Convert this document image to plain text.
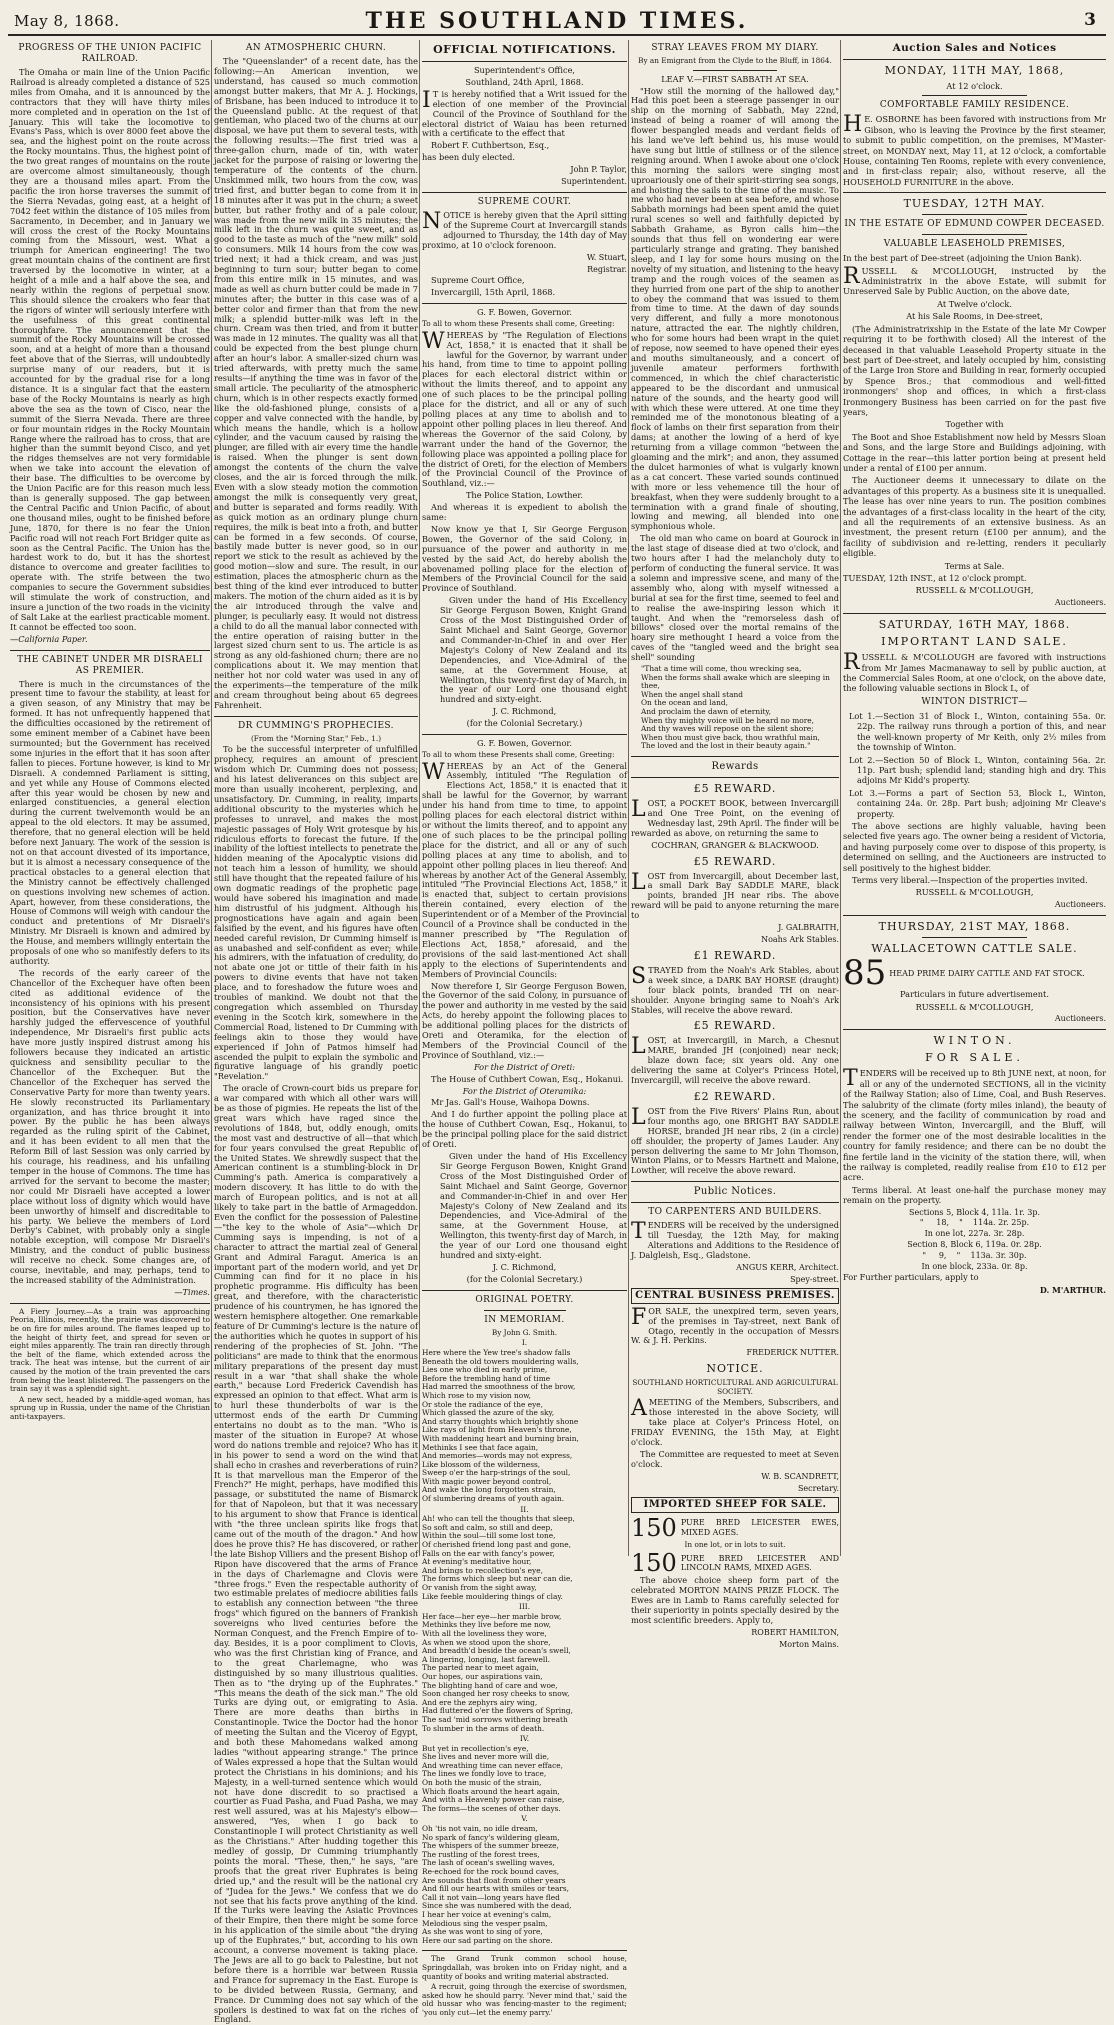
May 8, 1868.	THE SOUTHLAND TIMES.	3
PROGRESS OF THE UNION PACIFIC RAILROAD.

The Omaha or main line of the Union Pacific Railroad is already completed a distance of 525 miles from Omaha, and it is announced by the contractors that they will have thirty miles more completed and in operation on the 1st of January. This will take the locomotive to Evans's Pass, which is over 8000 feet above the sea, and the highest point on the route across the Rocky mountains. Thus, the highest point of the two great ranges of mountains on the route are overcome almost simultaneously, though they are a thousand miles apart. From the pacific the iron horse traverses the summit of the Sierra Nevadas, going east, at a height of 7042 feet within the distance of 105 miles from Sacramento, in December, and in January we will cross the crest of the Rocky Mountains coming from the Missouri, west. What a triumph for American engineering! The two great mountain chains of the continent are first traversed by the locomotive in winter, at a height of a mile and a half above the sea, and nearly within the regions of perpetual snow. This should silence the croakers who fear that the rigors of winter will seriously interfere with the usefulness of this great continental thoroughfare. The announcement that the summit of the Rocky Mountains will be crossed soon, and at a height of more than a thousand feet above that of the Sierras, will undoubtedly surprise many of our readers, but it is accounted for by the gradual rise for a long distance. It is a singular fact that the eastern base of the Rocky Mountains is nearly as high above the sea as the town of Cisco, near the summit of the Sierra Nevada. There are three or four mountain ridges in the Rocky Mountain Range where the railroad has to cross, that are higher than the summit beyond Cisco, and yet the ridges themselves are not very formidable when we take into account the elevation of their base. The difficulties to be overcome by the Union Pacific are for this reason much less than is generally supposed. The gap between the Central Pacific and Union Pacific, of about one thousand miles, ought to be finished before June, 1870, for there is no fear the Union Pacific road will not reach Fort Bridger quite as soon as the Central Pacific. The Union has the hardest work to do, but it has the shortest distance to overcome and greater facilities to operate with. The strife between the two companies to secure the Government subsidies will stimulate the work of construction, and insure a junction of the two roads in the vicinity of Salt Lake at the earliest practicable moment. It cannot be effected too soon.

—California Paper.

THE CABINET UNDER MR DISRAELI AS PREMIER.

There is much in the circumstances of the present time to favour the stability, at least for a given season, of any Ministry that may be formed. It has not unfrequently happened that the difficulties occasioned by the retirement of some eminent member of a Cabinet have been surmounted; but the Government has received some injuries in the effort that it has soon after fallen to pieces. Fortune however, is kind to Mr Disraeli. A condemned Parliament is sitting, and yet while any House of Commons elected after this year would be chosen by new and enlarged constituencies, a general election during the current twelvemonth would be an appeal to the old electors. It may be assumed, therefore, that no general election will be held before next January. The work of the session is not on that account divested of its importance, but it is almost a necessary consequence of the practical obstacles to a general election that the Ministry cannot be effectively challenged on questions involving new schemes of action. Apart, however, from these considerations, the House of Commons will weigh with candour the conduct and pretentions of Mr Disraeli's Ministry. Mr Disraeli is known and admired by the House, and members willingly entertain the proposals of one who so manifestly defers to its authority.

The records of the early career of the Chancellor of the Exchequer have often been cited as additional evidence of the inconsistency of his opinions with his present position, but the Conservatives have never harshly judged the effervescence of youthful independence, Mr Disraeli's first public acts have more justly inspired distrust among his followers because they indicated an artistic quickness and sensibility peculiar to the Chancellor of the Exchequer. But the Chancellor of the Exchequer has served the Conservative Party for more than twenty years. He slowly reconstructed its Parliamentary organization, and has thrice brought it into power. By the public he has been always regarded as the ruling spirit of the Cabinet, and it has been evident to all men that the Reform Bill of last Session was only carried by his courage, his readiness, and his unfailing temper in the house of Commons. The time has arrived for the servant to become the master; nor could Mr Disraeli have accepted a lower place without loss of dignity which would have been unworthy of himself and discreditable to his party. We believe the members of Lord Derby's Cabinet, with probably only a single notable exception, will compose Mr Disraeli's Ministry, and the conduct of public business will receive no check. Some changes are, of course, inevitable, and may, perhaps, tend to the increased stability of the Administration.

—Times.

A Fiery Journey.—As a train was approaching Peoria, Illinois, recently, the prairie was discovered to be on fire for miles around. The flames leaped up to the height of thirty feet, and spread for seven or eight miles apparently. The train ran directly through the belt of the flame, which extended across the track. The heat was intense, but the current of air caused by the motion of the train prevented the cars from being the least blistered. The passengers on the train say it was a splendid sight.

A new sect, headed by a middle-aged woman, has sprung up in Russia, under the name of the Christian anti-taxpayers.

AN ATMOSPHERIC CHURN.

The "Queenslander" of a recent date, has the following:—An American invention, we understand, has caused so much commotion amongst butter makers, that Mr A. J. Hockings, of Brisbane, has been induced to introduce it to the Queensland public. At the request of that gentleman, who placed two of the churns at our disposal, we have put them to several tests, with the following results:—The first tried was a three-gallon churn, made of tin, with water jacket for the purpose of raising or lowering the temperature of the contents of the churn. Unskimmed milk, two hours from the cow, was tried first, and butter began to come from it in 18 minutes after it was put in the churn; a sweet butter, but rather frothy and of a pale colour, was made from the new milk in 35 minutes; the milk left in the churn was quite sweet, and as good to the taste as much of the "new milk" sold to consumers. Milk 14 hours from the cow was tried next; it had a thick cream, and was just beginning to turn sour; butter began to come from this entire milk in 15 minutes, and was made as well as churn butter could be made in 7 minutes after; the butter in this case was of a better color and firmer than that from the new milk; a splendid butter-milk was left in the churn. Cream was then tried, and from it butter was made in 12 minutes. The quality was all that could be expected from the best plunge churn after an hour's labor. A smaller-sized churn was tried afterwards, with pretty much the same results—if anything the time was in favor of the small article. The peculiarity of the atmospheric churn, which is in other respects exactly formed like the old-fashioned plunge, consists of a copper and valve connected with the handle, by which means the handle, which is a hollow cylinder, and the vacuum caused by raising the plunger, are filled with air every time the handle is raised. When the plunger is sent down amongst the contents of the churn the valve closes, and the air is forced through the milk. Even with a slow steady motion the commotion amongst the milk is consequently very great, and butter is separated and forms readily. With as quick motion as an ordinary plunge churn requires, the milk is beat into a froth, and butter can be formed in a few seconds. Of course, bastily made butter is never good, so in our report we stick to the result as achieved by the good motion—slow and sure. The result, in our estimation, places the atmospheric churn as the best thing of the kind ever introduced to butter makers. The motion of the churn aided as it is by the air introduced through the valve and plunger, is peculiarly easy. It would not distress a child to do all the manual labor connected with the entire operation of raising butter in the largest sized churn sent to us. The article is as strong as any old-fashioned churn; there are no complications about it. We may mention that neither hot nor cold water was used in any of the experiments—the temperature of the milk and cream throughout being about 65 degrees Fahrenheit.

DR CUMMING'S PROPHECIES.

(From the "Morning Star," Feb., 1.)

To be the successful interpreter of unfulfilled prophecy, requires an amount of prescient wisdom which Dr. Cumming does not possess; and his latest deliverances on this subject are more than usually incoherent, perplexing, and unsatisfactory. Dr. Cumming, in reality, imparts additional obscurity to the mysteries which he professes to unravel, and makes the most majestic passages of Holy Writ grotesque by his ridiculous efforts to forecast the future. If the inability of the loftiest intellects to penetrate the hidden meaning of the Apocalyptic visions did not teach him a lesson of humility, we should still have thought that the repeated failure of his own dogmatic readings of the prophetic page would have sobered his imagination and made him distrustful of his judgment. Although his prognostications have again and again been falsified by the event, and his figures have often needed careful revision, Dr Cumming himself is as unabashed and self-confident as ever; while his admirers, with the infatuation of credulity, do not abate one jot or tittle of their faith in his powers to divine events that have not taken place, and to foreshadow the future woes and troubles of mankind. We doubt not that the congregation which assembled on Thursday evening in the Scotch kirk, somewhere in the Commercial Road, listened to Dr Cumming with feelings akin to those they would have experienced if John of Patmos himself had ascended the pulpit to explain the symbolic and figurative language of his grandly poetic "Revelation."

The oracle of Crown-court bids us prepare for a war compared with which all other wars will be as those of pigmies. He repeats the list of the great wars which have raged since the revolutions of 1848, but, oddly enough, omits the most vast and destructive of all—that which for four years convulsed the great Republic of the United States. We shrewdly suspect that the American continent is a stumbling-block in Dr Cumming's path. America is comparatively a modern discovery. It has little to do with the march of European politics, and is not at all likely to take part in the battle of Armageddon. Even the conflict for the possession of Palestine—"the key to the whole of Asia"—which Dr Cumming says is impending, is not of a character to attract the martial zeal of General Grant and Admiral Faragut. America is an important part of the modern world, and yet Dr Cumming can find for it no place in his prophetic programme. His difficulty has been great, and therefore, with the characteristic prudence of his countrymen, he has ignored the western hemisphere altogether. One remarkable feature of Dr Cumming's lecture is the nature of the authorities which he quotes in support of his rendering of the prophecies of St. John. "The politicians" are made to think that the enormous military preparations of the present day must result in a war "that shall shake the whole earth," because Lord Frederick Cavendish has expressed an opinion to that effect. What arm is to hurl these thunderbolts of war is the uttermost ends of the earth Dr Cumming entertains no doubt as to the man. "Who is master of the situation in Europe? At whose word do nations tremble and rejoice? Who has it in his power to send a word on the wind that shall echo in crashes and reverberations of ruin? It is that marvellous man the Emperor of the French?" He might, perhaps, have modified this passage, or substituted the name of Bismarck for that of Napoleon, but that it was necessary to his argument to show that France is identical with "the three unclean spirits like frogs that came out of the mouth of the dragon." And how does he prove this? He has discovered, or rather the late Bishop Villiers and the present Bishop of Ripon have discovered that the arms of France in the days of Charlemagne and Clovis were "three frogs." Even the respectable authority of two estimable prelates of mediocre abilities fails to establish any connection between "the three frogs" which figured on the banners of Frankish sovereigns who lived centuries before the Norman Conquest, and the French Empire of to-day. Besides, it is a poor compliment to Clovis, who was the first Christian king of France, and to the great Charlemagne, who was distinguished by so many illustrious qualities. Then as to "the drying up of the Euphrates." "This means the death of the sick man." The old Turks are dying out, or emigrating to Asia. There are more deaths than births in Constantinople. Twice the Doctor had the honor of meeting the Sultan and the Viceroy of Egypt, and both these Mahomedans walked among ladies "without appearing strange." The prince of Wales expressed a hope that the Sultan would protect the Christians in his dominions; and his Majesty, in a well-turned sentence which would not have done discredit to so practised a courtier as Fuad Pasha, and Fuad Pasha, we may rest well assured, was at his Majesty's elbow—answered, "Yes, when I go back to Constantinople I will protect Christianity as well as the Christians." After hudding together this medley of gossip, Dr Cumming triumphantly points the moral. "These, then," he says, "are proofs that the great river Euphrates is being dried up," and the result will be the national cry of "Judea for the Jews." We confess that we do not see that his facts prove anything of the kind. If the Turks were leaving the Asiatic Provinces of their Empire, then there might be some force in his application of the simile about "the drying up of the Euphrates," but, according to his own account, a converse movement is taking place. The Jews are all to go back to Palestine, but not before there is a horrible war between Russia and France for supremacy in the East. Europe is to be divided between Russia, Germany, and France. Dr Cumming does not say which of the spoilers is destined to wax fat on the riches of England.

OFFICIAL NOTIFICATIONS.

Superintendent's Office,

Southland, 24th April, 1868.

I T is hereby notified that a Writ issued for the election of one member of the Provincial Council of the Province of Southland for the electoral district of Waiau has been returned with a certificate to the effect that

Robert F. Cuthbertson, Esq.,

has been duly elected.

John P. Taylor,

Superintendent.

SUPREME COURT.

NOTICE is hereby given that the April sitting of the Supreme Court at Invercargill stands adjourned to Thursday, the 14th day of May proximo, at 10 o'clock forenoon.

W. Stuart,

Registrar.

Supreme Court Office,

Invercargill, 15th April, 1868.

G. F. Bowen, Governor.

To all to whom these Presents shall come, Greeting:

WHEREAS by "The Regulation of Elections Act, 1858," it is enacted that it shall be lawful for the Governor, by warrant under his hand, from time to time to appoint polling places for each electoral district within or without the limits thereof, and to appoint any one of such places to be the principal polling place for the district, and all or any of such polling places at any time to abolish and to appoint other polling places in lieu thereof. And whereas the Governor of the said Colony, by warrant under the hand of the Governor, the following place was appointed a polling place for the district of Oreti, for the election of Members of the Provincial Council of the Province of Southland, viz.:—

The Police Station, Lowther.

And whereas it is expedient to abolish the same:

Now know ye that I, Sir George Ferguson Bowen, the Governor of the said Colony, in pursuance of the power and authority in me vested by the said Act, do hereby abolish the abovenamed polling place for the election of Members of the Provincial Council for the said Province of Southland.

Given under the hand of His Excellency Sir George Ferguson Bowen, Knight Grand Cross of the Most Distinguished Order of Saint Michael and Saint George, Governor and Commander-in-Chief in and over Her Majesty's Colony of New Zealand and its Dependencies, and Vice-Admiral of the same, at the Government House, at Wellington, this twenty-first day of March, in the year of our Lord one thousand eight hundred and sixty-eight.

J. C. Richmond,

(for the Colonial Secretary.)

G. F. Bowen, Governor.

To all to whom these Presents shall come, Greeting:

WHEREAS by an Act of the General Assembly, intituled "The Regulation of Elections Act, 1858," it is enacted that it shall be lawful for the Governor, by warrant under his hand from time to time, to appoint polling places for each electoral district within or without the limits thereof, and to appoint any one of such places to be the principal polling place for the district, and all or any of such polling places at any time to abolish, and to appoint other polling places in lieu thereof: And whereas by another Act of the General Assembly, intituled "The Provincial Elections Act, 1858," it is enacted that, subject to certain provisions therein contained, every election of the Superintendent or of a Member of the Provincial Council of a Province shall be conducted in the manner prescribed by "The Regulation of Elections Act, 1858," aforesaid, and the provisions of the said last-mentioned Act shall apply to the elections of Superintendents and Members of Provincial Councils:

Now therefore I, Sir George Ferguson Bowen, the Governor of the said Colony, in pursuance of the power and authority in me vested by the said Acts, do hereby appoint the following places to be additional polling places for the districts of Oreti and Oteramika, for the election of Members of the Provincial Council of the Province of Southland, viz.:—

For the District of Oreti:

The House of Cuthbert Cowan, Esq., Hokanui.

For the District of Oteramika:

Mr Jas. Gall's House, Waihopa Downs.

And I do further appoint the polling place at the house of Cuthbert Cowan, Esq., Hokanui, to be the principal polling place for the said district of Oreti.

Given under the hand of His Excellency Sir George Ferguson Bowen, Knight Grand Cross of the Most Distinguished Order of Saint Michael and Saint George, Governor and Commander-in-Chief in and over Her Majesty's Colony of New Zealand and its Dependencies, and Vice-Admiral of the same, at the Government House, at Wellington, this twenty-first day of March, in the year of our Lord one thousand eight hundred and sixty-eight.

J. C. Richmond,

(for the Colonial Secretary.)

ORIGINAL POETRY.
IN MEMORIAM.

By John G. Smith.

I.
Here where the Yew tree's shadow falls
Beneath the old towers mouldering walls,
Lies one who died in early prime,
Before the trembling hand of time
Had marred the smoothness of the brow,
Which rose to my vision now,
Or stole the radiance of the eye,
Which glassed the azure of the sky,
And starry thoughts which brightly shone
Like rays of light from Heaven's throne,
With maddening heart and burning brain,
Methinks I see that face again,
And memories—words may not express,
Like blossom of the wilderness,
Sweep o'er the harp-strings of the soul,
With magic power beyond control,
And wake the long forgotten strain,
Of slumbering dreams of youth again.
II.
Ah! who can tell the thoughts that sleep,
So soft and calm, so still and deep,
Within the soul—till some lost tone,
Of cherished friend long past and gone,
Falls on the ear with fancy's power,
At evening's meditative hour,
And brings to recollection's eye,
The forms which sleep but near can die,
Or vanish from the sight away,
Like feeble mouldering things of clay.
III.
Her face—her eye—her marble brow,
Methinks they live before me now,
With all the loveliness they wore,
As when we stood upon the shore,
And breadth'd beside the ocean's swell,
A lingering, longing, last farewell.
The parted near to meet again,
Our hopes, our aspirations vain,
The blighting hand of care and woe,
Soon changed her rosy cheeks to snow,
And ere the zephyrs airy wing,
Had fluttered o'er the flowers of Spring,
The sad 'mid sorrows withering breath
To slumber in the arms of death.
IV.
But yet in recollection's eye,
She lives and never more will die,
And wreathing time can never efface,
The lines we fondly love to trace,
On both the music of the strain,
Which floats around the heart again,
And with a Heavenly power can raise,
The forms—the scenes of other days.
V.
Oh 'tis not vain, no idle dream,
No spark of fancy's wildering gleam,
The whispers of the summer breeze,
The rustling of the forest trees,
The lash of ocean's swelling waves,
Re-echoed for the rock bound caves,
Are sounds that float from other years
And fill our hearts with smiles or tears,
Call it not vain—long years have fled
Since she was numbered with the dead,
I hear her voice at evening's calm,
Melodious sing the vesper psalm,
As she was wont to sing of yore,
Here our sad parting on the shore.

The Grand Trunk common school house, Springdallah, was broken into on Friday night, and a quantity of books and writing material abstracted.

A recruit, going through the exercise of swordsmen, asked how he should parry. 'Never mind that,' said the old hussar who was fencing-master to the regiment; 'you only cut—let the enemy parry.'

STRAY LEAVES FROM MY DIARY.

By an Emigrant from the Clyde to the Bluff, in 1864.

LEAF V.—FIRST SABBATH AT SEA.

"How still the morning of the hallowed day," Had this poet been a steerage passenger in our ship on the morning of Sabbath, May 22nd, instead of being a roamer of will among the flower bespangled meads and verdant fields of his land we've left behind us, his muse would have sung but little of stillness or of the silence reigning around. When I awoke about one o'clock this morning the sailors were singing most uproariously one of their spirit-stirring sea songs, and hoisting the sails to the time of the music. To me who had never been at sea before, and whose Sabbath mornings had been spent amid the quiet rural scenes so well and faithfully depicted by Sabbath Grahame, as Byron calls him—the sounds that thus fell on wondering ear were particularly strange and grating. They banished sleep, and I lay for some hours musing on the novelty of my situation, and listening to the heavy tramp and the rough voices of the seamen as they hurried from one part of the ship to another to obey the command that was issued to them from time to time. At the dawn of day sounds very different, and fully a more monotonous nature, attracted the ear. The nightly children, who for some hours had been wrapt in the quiet of repose, now seemed to have opened their eyes and mouths simultaneously, and a concert of juvenile amateur performers forthwith commenced, in which the chief characteristic appeared to be the discordant and unmusical nature of the sounds, and the hearty good will with which these were uttered. At one time they reminded me of the monotonous bleating of a flock of lambs on their first separation from their dams; at another the lowing of a herd of kye returning from a village common "between the gloaming and the mirk"; and anon, they assumed the dulcet harmonies of what is vulgarly known as a cat concert. These varied sounds continued with more or less vehemence till the hour of breakfast, when they were suddenly brought to a termination with a grand finale of shouting, lowing and mewing, all blended into one symphonious whole.

The old man who came on board at Gourock in the last stage of disease died at two o'clock, and two hours after I had the melancholy duty to perform of conducting the funeral service. It was a solemn and impressive scene, and many of the assembly who, along with myself witnessed a burial at sea for the first time, seemed to feel and to realise the awe-inspiring lesson which it taught. And when the "remorseless dash of billows" closed over the mortal remains of the hoary sire methought I heard a voice from the caves of the "tangled weed and the bright sea shell" sounding

"That a time will come, thou wrecking sea,
When the forms shall awake which are sleeping in thee,
When the angel shall stand
On the ocean and land,
And proclaim the dawn of eternity,
When thy mighty voice will be heard no more,
And thy waves will repose on the silent shore;
When thou must give back, thou wrathful main,
The loved and the lost in their beauty again."
Rewards
£5 REWARD.

LOST, a POCKET BOOK, between Invercargill and One Tree Point, on the evening of Wednesday last, 29th April. The finder will be rewarded as above, on returning the same to

COCHRAN, GRANGER & BLACKWOOD.

£5 REWARD.

LOST from Invercargill, about December last, a small Dark Bay SADDLE MARE, black points, branded JH near ribs. The above reward will be paid to anyone returning the mare to

J. GALBRAITH,

Noahs Ark Stables.

£1 REWARD.

STRAYED from the Noah's Ark Stables, about a week since, a DARK BAY HORSE (draught) four black points, branded TH on near-shoulder. Anyone bringing same to Noah's Ark Stables, will receive the above reward.

£5 REWARD.

LOST, at Invercargill, in March, a Chesnut MARE, branded JH (conjoined) near neck; blaze down face; six years old. Any one delivering the same at Colyer's Princess Hotel, Invercargill, will receive the above reward.

£2 REWARD.

LOST from the Five Rivers' Plains Run, about four months ago, one BRIGHT BAY SADDLE HORSE, branded JH near ribs, 2 (in a circle) off shoulder, the property of James Lauder. Any person delivering the same to Mr John Thomson, Winton Plains, or to Messrs Hartnett and Malone, Lowther, will receive the above reward.

Public Notices.
TO CARPENTERS AND BUILDERS.

TENDERS will be received by the undersigned till Tuesday, the 12th May, for making Alterations and Additions to the Residence of J. Dalgleish, Esq., Gladstone.

ANGUS KERR, Architect.

Spey-street.

CENTRAL BUSINESS PREMISES.

FOR SALE, the unexpired term, seven years, of the premises in Tay-street, next Bank of Otago, recently in the occupation of Messrs W. & J. H. Perkins.

FREDERICK NUTTER.

NOTICE.

SOUTHLAND HORTICULTURAL AND AGRICULTURAL SOCIETY.

AMEETING of the Members, Subscribers, and those interested in the above Society, will take place at Colyer's Princess Hotel, on FRIDAY EVENING, the 15th May, at Eight o'clock.

The Committee are requested to meet at Seven o'clock.

W. B. SCANDRETT,

Secretary.

IMPORTED SHEEP FOR SALE.
150 PURE BRED LEICESTER EWES, MIXED AGES.

In one lot, or in lots to suit.

150 PURE BRED LEICESTER AND LINCOLN RAMS, MIXED AGES.

The above choice sheep form part of the celebrated MORTON MAINS PRIZE FLOCK. The Ewes are in Lamb to Rams carefully selected for their superiority in points specially desired by the most scientific breeders. Apply to,

ROBERT HAMILTON,

Morton Mains.

Auction Sales and Notices
MONDAY, 11TH MAY, 1868,

At 12 o'clock.

COMFORTABLE FAMILY RESIDENCE.

H E. OSBORNE has been favored with instructions from Mr Gibson, who is leaving the Province by the first steamer, to submit to public competition, on the premises, M'Master-street, on MONDAY next, May 11, at 12 o'clock, a comfortable House, containing Ten Rooms, replete with every convenience, and in first-class repair; also, without reserve, all the HOUSEHOLD FURNITURE in the above.

TUESDAY, 12TH MAY.
IN THE ESTATE OF EDMUND COWPER DECEASED.
VALUABLE LEASEHOLD PREMISES,

In the best part of Dee-street (adjoining the Union Bank).

RUSSELL & M'COLLOUGH, instructed by the Administratrix in the above Estate, will submit for Unreserved Sale by Public Auction, on the above date,

At Twelve o'clock.

At his Sale Rooms, in Dee-street,

(The Administratrixship in the Estate of the late Mr Cowper requiring it to be forthwith closed) All the interest of the deceased in that valuable Leasehold Property situate in the best part of Dee-street, and lately occupied by him, consisting of the Large Iron Store and Building in rear, formerly occupied by Spence Bros.; that commodious and well-fitted ironmongers' shop and offices, in which a first-class Ironmongery Business has been carried on for the past five years,

Together with

The Boot and Shoe Establishment now held by Messrs Sloan and Sons, and the large Store and Buildings adjoining, with Cottage in the rear—this latter portion being at present held under a rental of £100 per annum.

The Auctioneer deems it unnecessary to dilate on the advantages of this property. As a business site it is unequalled. The lease has over nine years to run. The position combines the advantages of a first-class locality in the heart of the city, and all the requirements of an extensive business. As an investment, the present return (£100 per annum), and the facility of subdivision and re-letting, renders it peculiarly eligible.

Terms at Sale.

TUESDAY, 12th INST., at 12 o'clock prompt.

RUSSELL & M'COLLOUGH,

Auctioneers.

SATURDAY, 16TH MAY, 1868.
IMPORTANT LAND SALE.

RUSSELL & M'COLLOUGH are favored with instructions from Mr James Macmanaway to sell by public auction, at the Commercial Sales Room, at one o'clock, on the above date, the following valuable sections in Block L, of

WINTON DISTRICT—

Lot 1.—Section 31 of Block I., Winton, containing 55a. 0r. 22p. The railway runs through a portion of this, and near the well-known property of Mr Keith, only 2½ miles from the township of Winton.

Lot 2.—Section 50 of Block L, Winton, containing 56a. 2r. 11p. Part bush; splendid land; standing high and dry. This adjoins Mr Kidd's property.

Lot 3.—Forms a part of Section 53, Block L, Winton, containing 24a. 0r. 28p. Part bush; adjoining Mr Cleave's property.

The above sections are highly valuable, having been selected five years ago. The owner being a resident of Victoria, and having purposely come over to dispose of this property, is determined on selling, and the Auctioneers are instructed to sell positively to the highest bidder.

Terms very liberal.—Inspection of the properties invited.

RUSSELL & M'COLLOUGH,

Auctioneers.

THURSDAY, 21ST MAY, 1868.
WALLACETOWN CATTLE SALE.
85 HEAD PRIME DAIRY CATTLE AND FAT STOCK.

Particulars in future advertisement.

RUSSELL & M'COLLOUGH,

Auctioneers.

WINTON.
FOR SALE.

TENDERS will be received up to 8th JUNE next, at noon, for all or any of the undernoted SECTIONS, all in the vicinity of the Railway Station; also of Lime, Coal, and Bush Reserves. The salubrity of the climate (forty miles inland), the beauty of the scenery, and the facility of communication by road and railway between Winton, Invercargill, and the Bluff, will render the former one of the most desirable localities in the country for family residence; and there can be no doubt the fine fertile land in the vicinity of the station there, will, when the railway is completed, readily realise from £10 to £12 per acre.

Terms liberal. At least one-half the purchase money may remain on the property.

Sections 5, Block 4, 11la. 1r. 3p.
"     18,    "    114a. 2r. 25p.
In one lot, 227a. 3r. 28p.
Section 8, Block 6, 119a. 0r. 28p.
"     9,    "    113a. 3r. 30p.
In one block, 233a. 0r. 8p.

For Further particulars, apply to

D. M'ARTHUR.
